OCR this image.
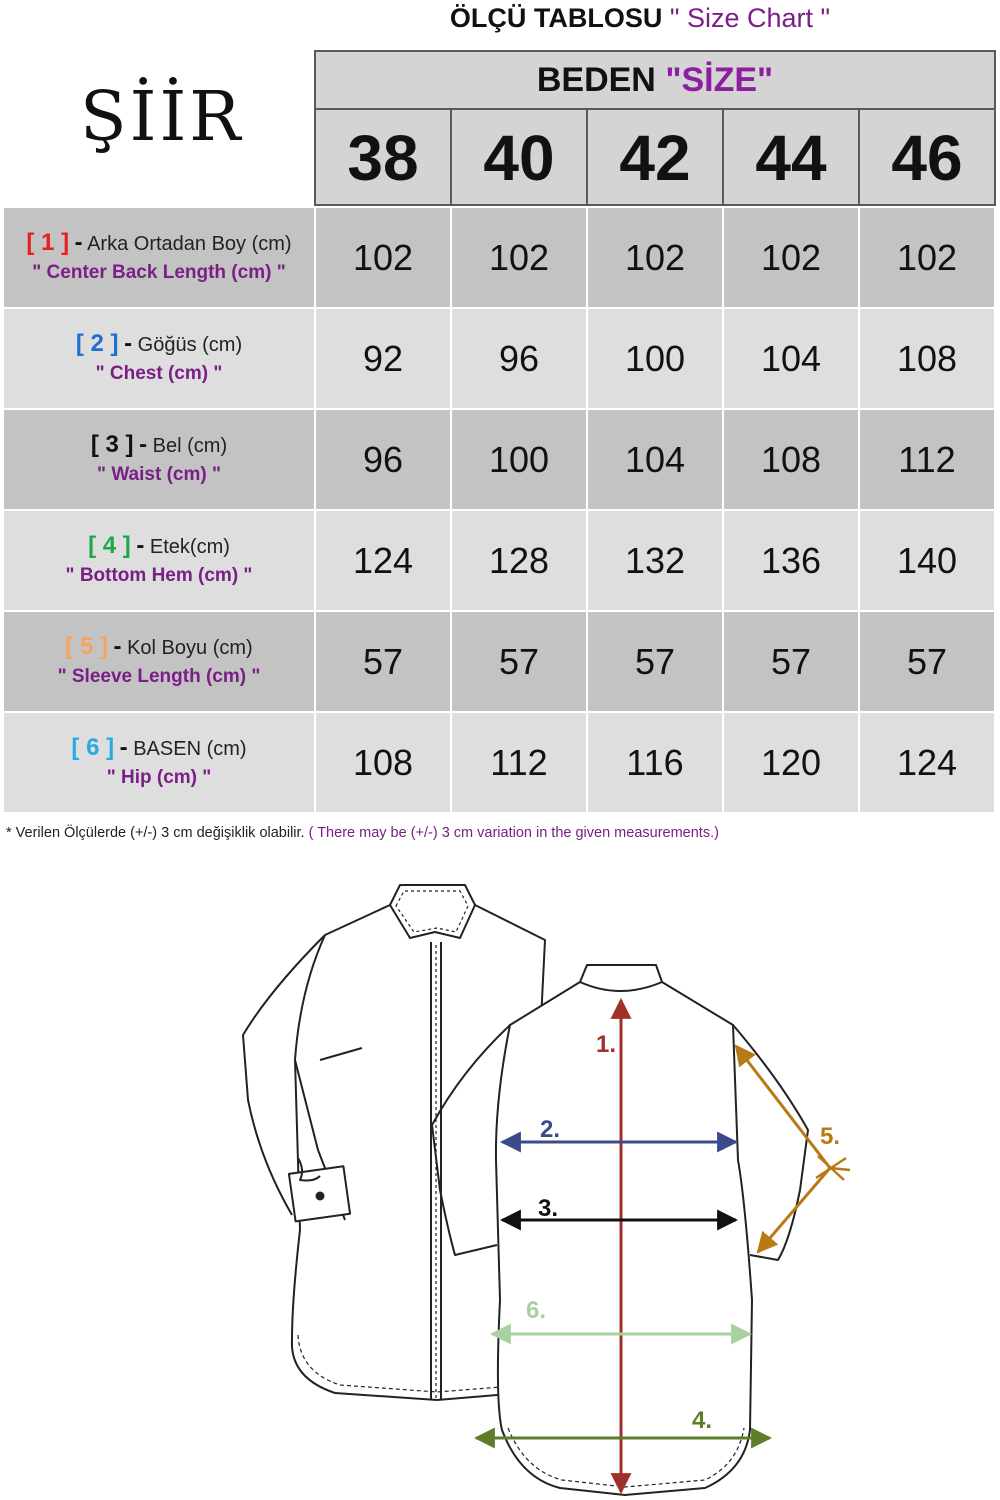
ÖLÇÜ TABLOSU " Size Chart "
ŞİİR	BEDEN "SİZE"
38	40	42	44	46
[ 1 ] - Arka Ortadan Boy (cm)
" Center Back Length (cm) "	102	102	102	102	102
[ 2 ] - Göğüs (cm)
" Chest (cm) "	92	96	100	104	108
[ 3 ] - Bel (cm)
" Waist (cm) "	96	100	104	108	112
[ 4 ] - Etek(cm)
" Bottom Hem (cm) "	124	128	132	136	140
[ 5 ] - Kol Boyu (cm)
" Sleeve Length (cm) "	57	57	57	57	57
[ 6 ] - BASEN (cm)
" Hip (cm) "	108	112	116	120	124
* Verilen Ölçülerde (+/-) 3 cm değişiklik olabilir. ( There may be (+/-) 3 cm variation in the given measurements.)
1.
2.
3.
4.
5.
6.
